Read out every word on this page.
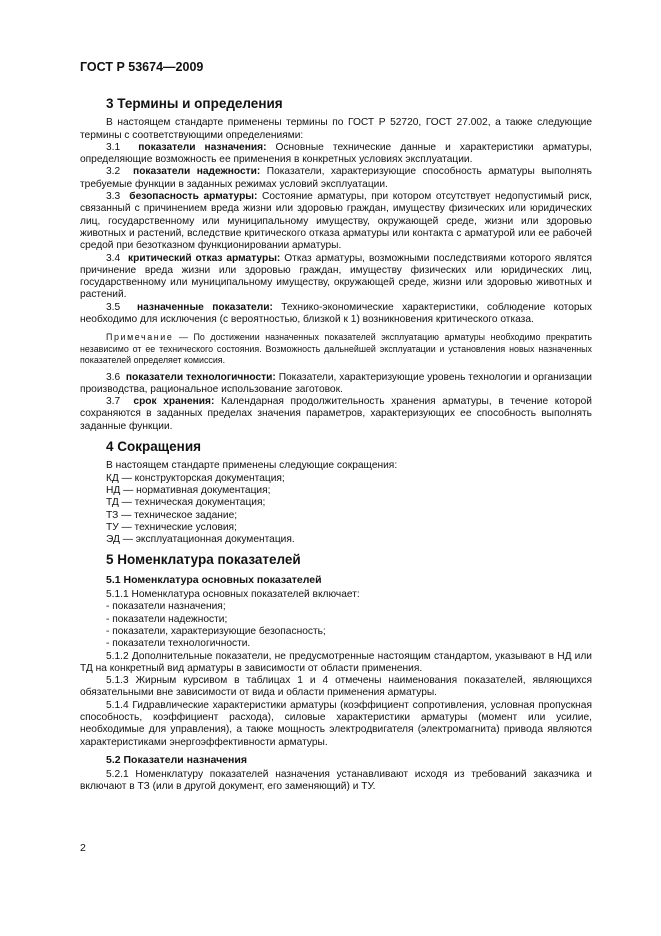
ГОСТ Р 53674—2009

3 Термины и определения

В настоящем стандарте применены термины по ГОСТ Р 52720, ГОСТ 27.002, а также следующие термины с соответствующими определениями:

3.1 показатели назначения: Основные технические данные и характеристики арматуры, определяющие возможность ее применения в конкретных условиях эксплуатации.

3.2 показатели надежности: Показатели, характеризующие способность арматуры выполнять требуемые функции в заданных режимах условий эксплуатации.

3.3 безопасность арматуры: Состояние арматуры, при котором отсутствует недопустимый риск, связанный с причинением вреда жизни или здоровью граждан, имуществу физических или юридических лиц, государственному или муниципальному имуществу, окружающей среде, жизни или здоровью животных и растений, вследствие критического отказа арматуры или контакта с арматурой или ее рабочей средой при безотказном функционировании арматуры.

3.4 критический отказ арматуры: Отказ арматуры, возможными последствиями которого являтся причинение вреда жизни или здоровью граждан, имуществу физических или юридических лиц, государственному или муниципальному имуществу, окружающей среде, жизни или здоровью животных и растений.

3.5 назначенные показатели: Технико-экономические характеристики, соблюдение которых необходимо для исключения (с вероятностью, близкой к 1) возникновения критического отказа.

Примечание — По достижении назначенных показателей эксплуатацию арматуры необходимо прекратить независимо от ее технического состояния. Возможность дальнейшей эксплуатации и установления новых назначенных показателей определяет комиссия.

3.6 показатели технологичности: Показатели, характеризующие уровень технологии и организации производства, рациональное использование заготовок.

3.7 срок хранения: Календарная продолжительность хранения арматуры, в течение которой сохраняются в заданных пределах значения параметров, характеризующих ее способность выполнять заданные функции.

4 Сокращения

В настоящем стандарте применены следующие сокращения:

КД — конструкторская документация;

НД — нормативная документация;

ТД — техническая документация;

ТЗ — техническое задание;

ТУ — технические условия;

ЭД — эксплуатационная документация.

5 Номенклатура показателей

5.1 Номенклатура основных показателей

5.1.1 Номенклатура основных показателей включает:

- показатели назначения;

- показатели надежности;

- показатели, характеризующие безопасность;

- показатели технологичности.

5.1.2 Дополнительные показатели, не предусмотренные настоящим стандартом, указывают в НД или ТД на конкретный вид арматуры в зависимости от области применения.

5.1.3 Жирным курсивом в таблицах 1 и 4 отмечены наименования показателей, являющихся обязательными вне зависимости от вида и области применения арматуры.

5.1.4 Гидравлические характеристики арматуры (коэффициент сопротивления, условная пропускная способность, коэффициент расхода), силовые характеристики арматуры (момент или усилие, необходимые для управления), а также мощность электродвигателя (электромагнита) привода являются характеристиками энергоэффективности арматуры.

5.2 Показатели назначения

5.2.1 Номенклатуру показателей назначения устанавливают исходя из требований заказчика и включают в ТЗ (или в другой документ, его заменяющий) и ТУ.

2
